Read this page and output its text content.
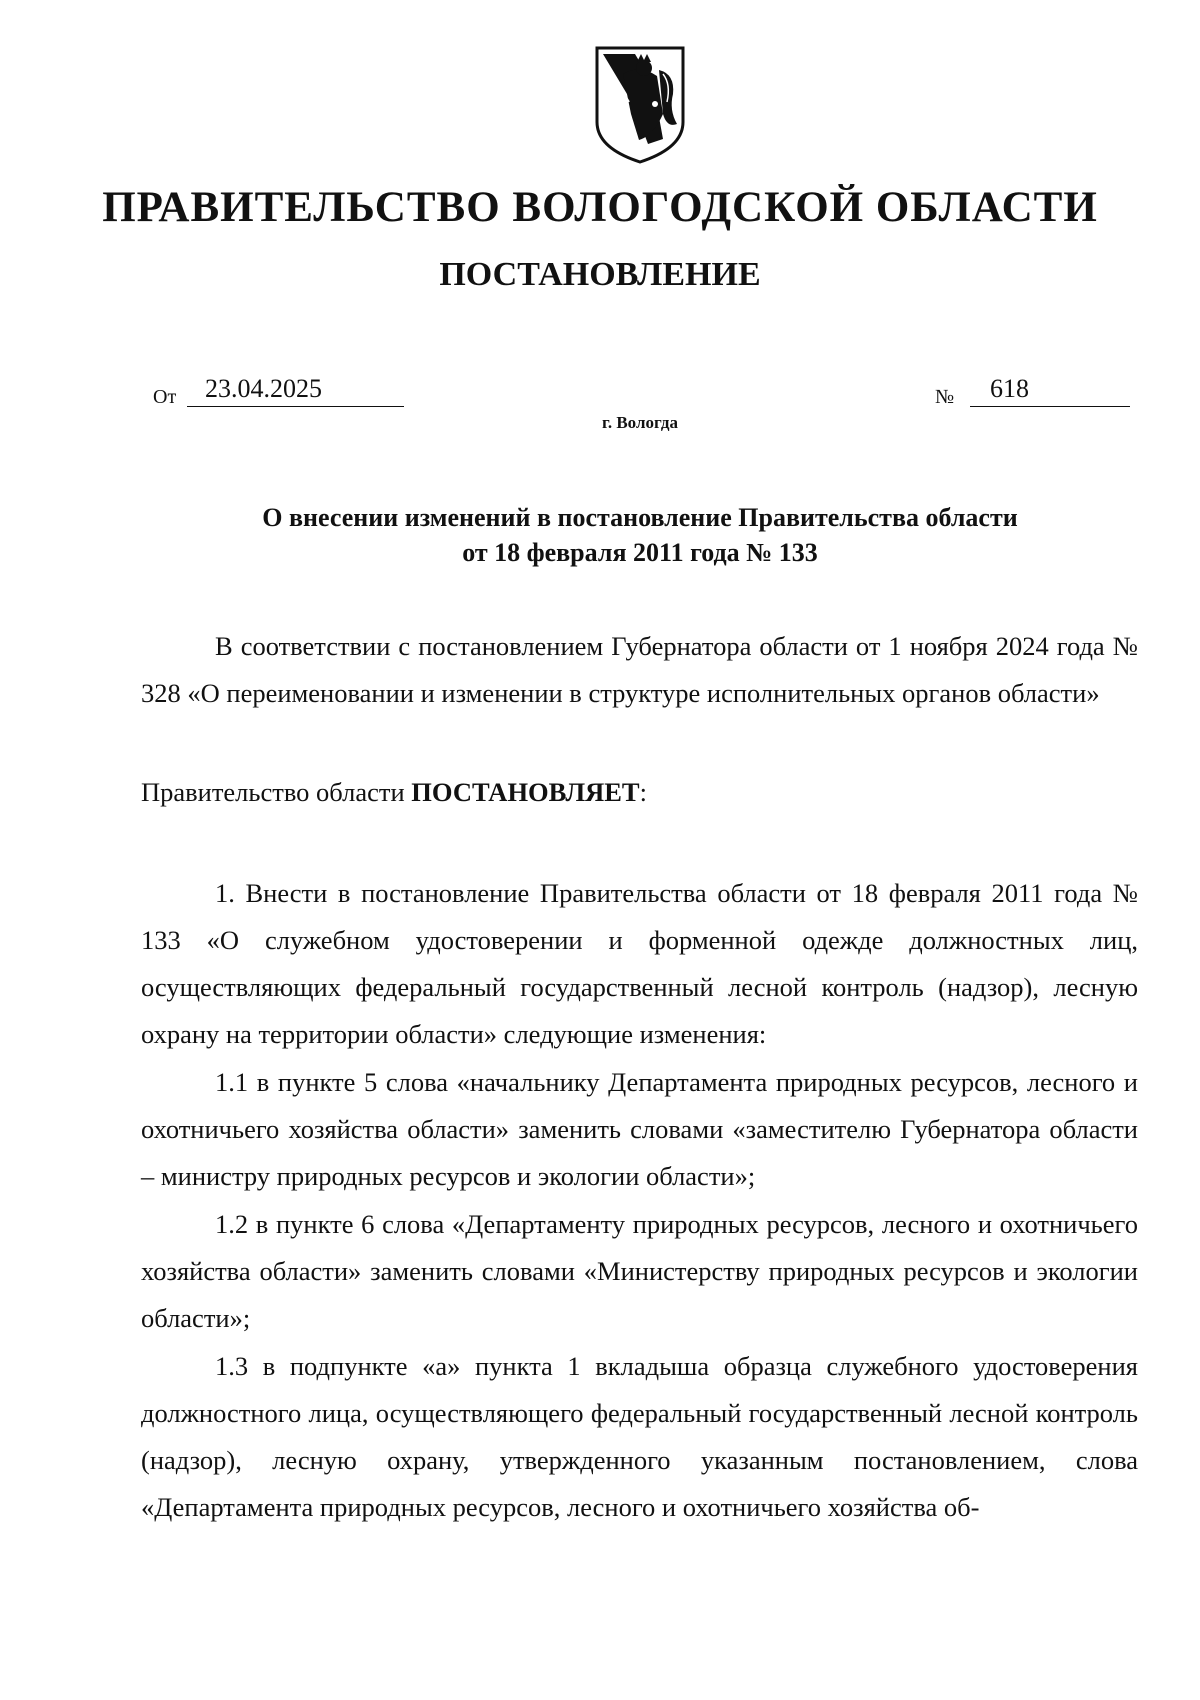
ПРАВИТЕЛЬСТВО ВОЛОГОДСКОЙ ОБЛАСТИ
ПОСТАНОВЛЕНИЕ
От	23.04.2025	№	618
г. Вологда
О внесении изменений в постановление Правительства области
от 18 февраля 2011 года № 133

В соответствии с постановлением Губернатора области от 1 ноября 2024 года № 328 «О переименовании и изменении в структуре исполнительных органов области»

Правительство области ПОСТАНОВЛЯЕТ:

1. Внести в постановление Правительства области от 18 февраля 2011 года № 133 «О служебном удостоверении и форменной одежде должностных лиц, осуществляющих федеральный государственный лесной контроль (надзор), лесную охрану на территории области» следующие изменения:

1.1 в пункте 5 слова «начальнику Департамента природных ресурсов, лесного и охотничьего хозяйства области» заменить словами «заместителю Губернатора области – министру природных ресурсов и экологии области»;

1.2 в пункте 6 слова «Департаменту природных ресурсов, лесного и охотничьего хозяйства области» заменить словами «Министерству природных ресурсов и экологии области»;

1.3 в подпункте «а» пункта 1 вкладыша образца служебного удостоверения должностного лица, осуществляющего федеральный государственный лесной контроль (надзор), лесную охрану, утвержденного указанным постановлением, слова «Департамента природных ресурсов, лесного и охотничьего хозяйства об-
